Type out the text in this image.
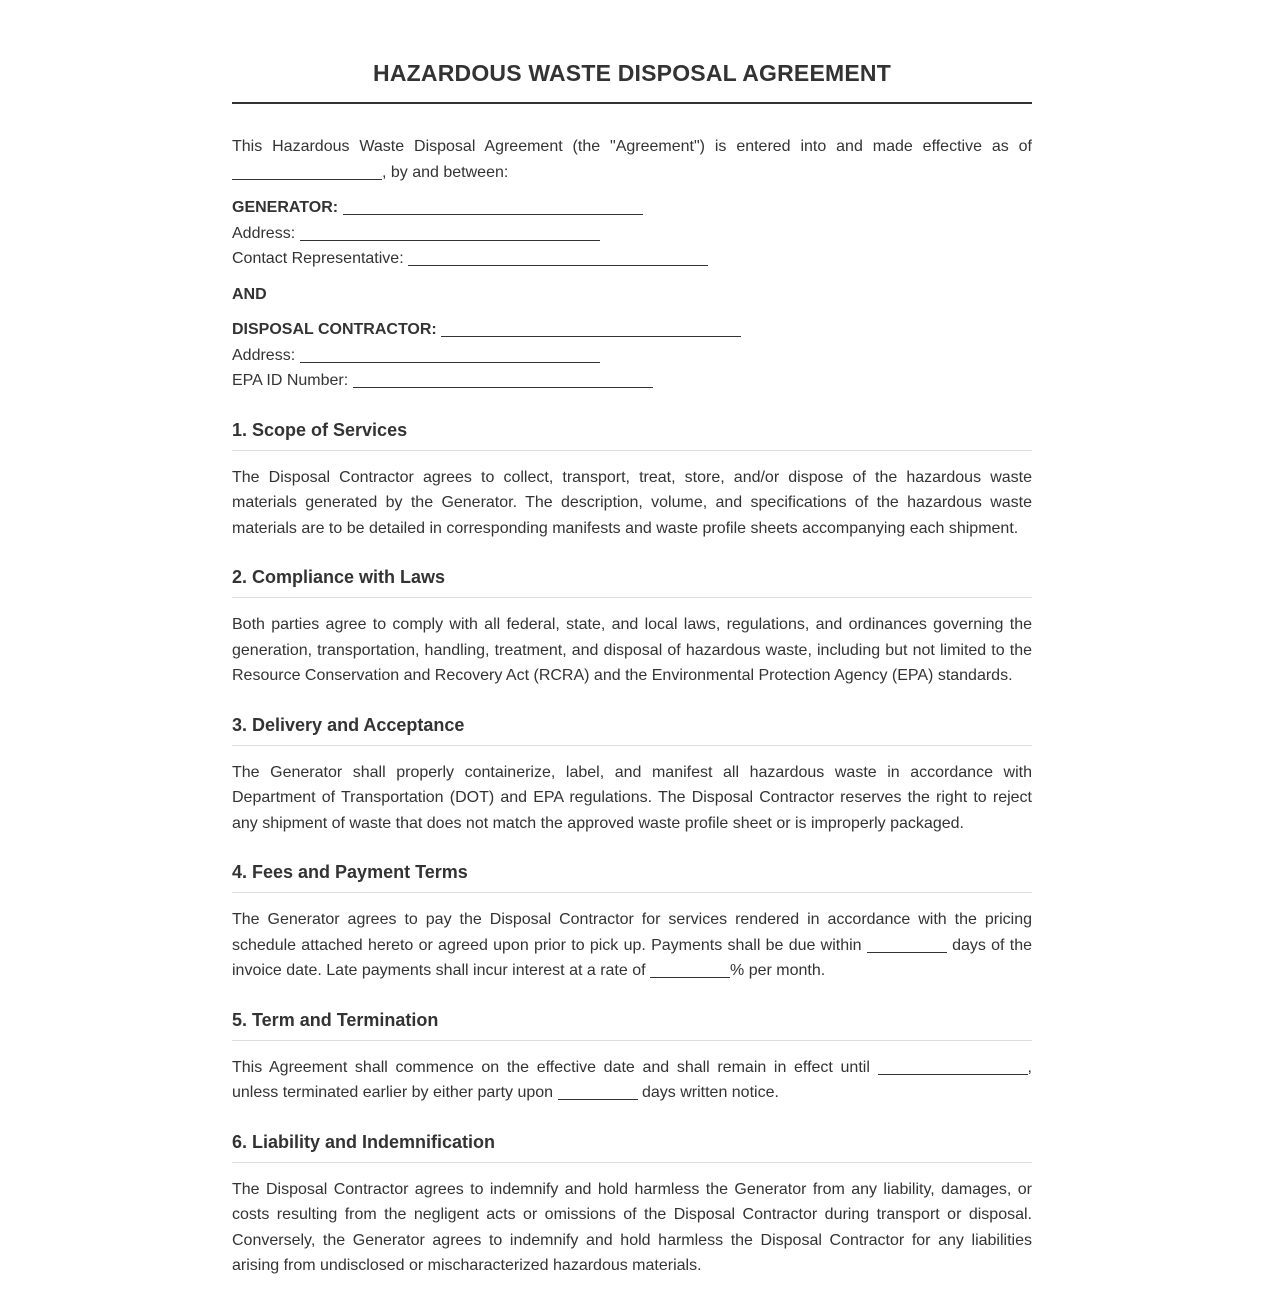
HAZARDOUS WASTE DISPOSAL AGREEMENT

This Hazardous Waste Disposal Agreement (the "Agreement") is entered into and made effective as of , by and between:

GENERATOR:
Address:
Contact Representative:
AND
DISPOSAL CONTRACTOR:
Address:
EPA ID Number:
1. Scope of Services

The Disposal Contractor agrees to collect, transport, treat, store, and/or dispose of the hazardous waste materials generated by the Generator. The description, volume, and specifications of the hazardous waste materials are to be detailed in corresponding manifests and waste profile sheets accompanying each shipment.

2. Compliance with Laws

Both parties agree to comply with all federal, state, and local laws, regulations, and ordinances governing the generation, transportation, handling, treatment, and disposal of hazardous waste, including but not limited to the Resource Conservation and Recovery Act (RCRA) and the Environmental Protection Agency (EPA) standards.

3. Delivery and Acceptance

The Generator shall properly containerize, label, and manifest all hazardous waste in accordance with Department of Transportation (DOT) and EPA regulations. The Disposal Contractor reserves the right to reject any shipment of waste that does not match the approved waste profile sheet or is improperly packaged.

4. Fees and Payment Terms

The Generator agrees to pay the Disposal Contractor for services rendered in accordance with the pricing schedule attached hereto or agreed upon prior to pick up. Payments shall be due within	days of the invoice date. Late payments shall incur interest at a rate of	% per month.

5. Term and Termination

This Agreement shall commence on the effective date and shall remain in effect until	, unless terminated earlier by either party upon	days written notice.

6. Liability and Indemnification

The Disposal Contractor agrees to indemnify and hold harmless the Generator from any liability, damages, or costs resulting from the negligent acts or omissions of the Disposal Contractor during transport or disposal. Conversely, the Generator agrees to indemnify and hold harmless the Disposal Contractor for any liabilities arising from undisclosed or mischaracterized hazardous materials.
